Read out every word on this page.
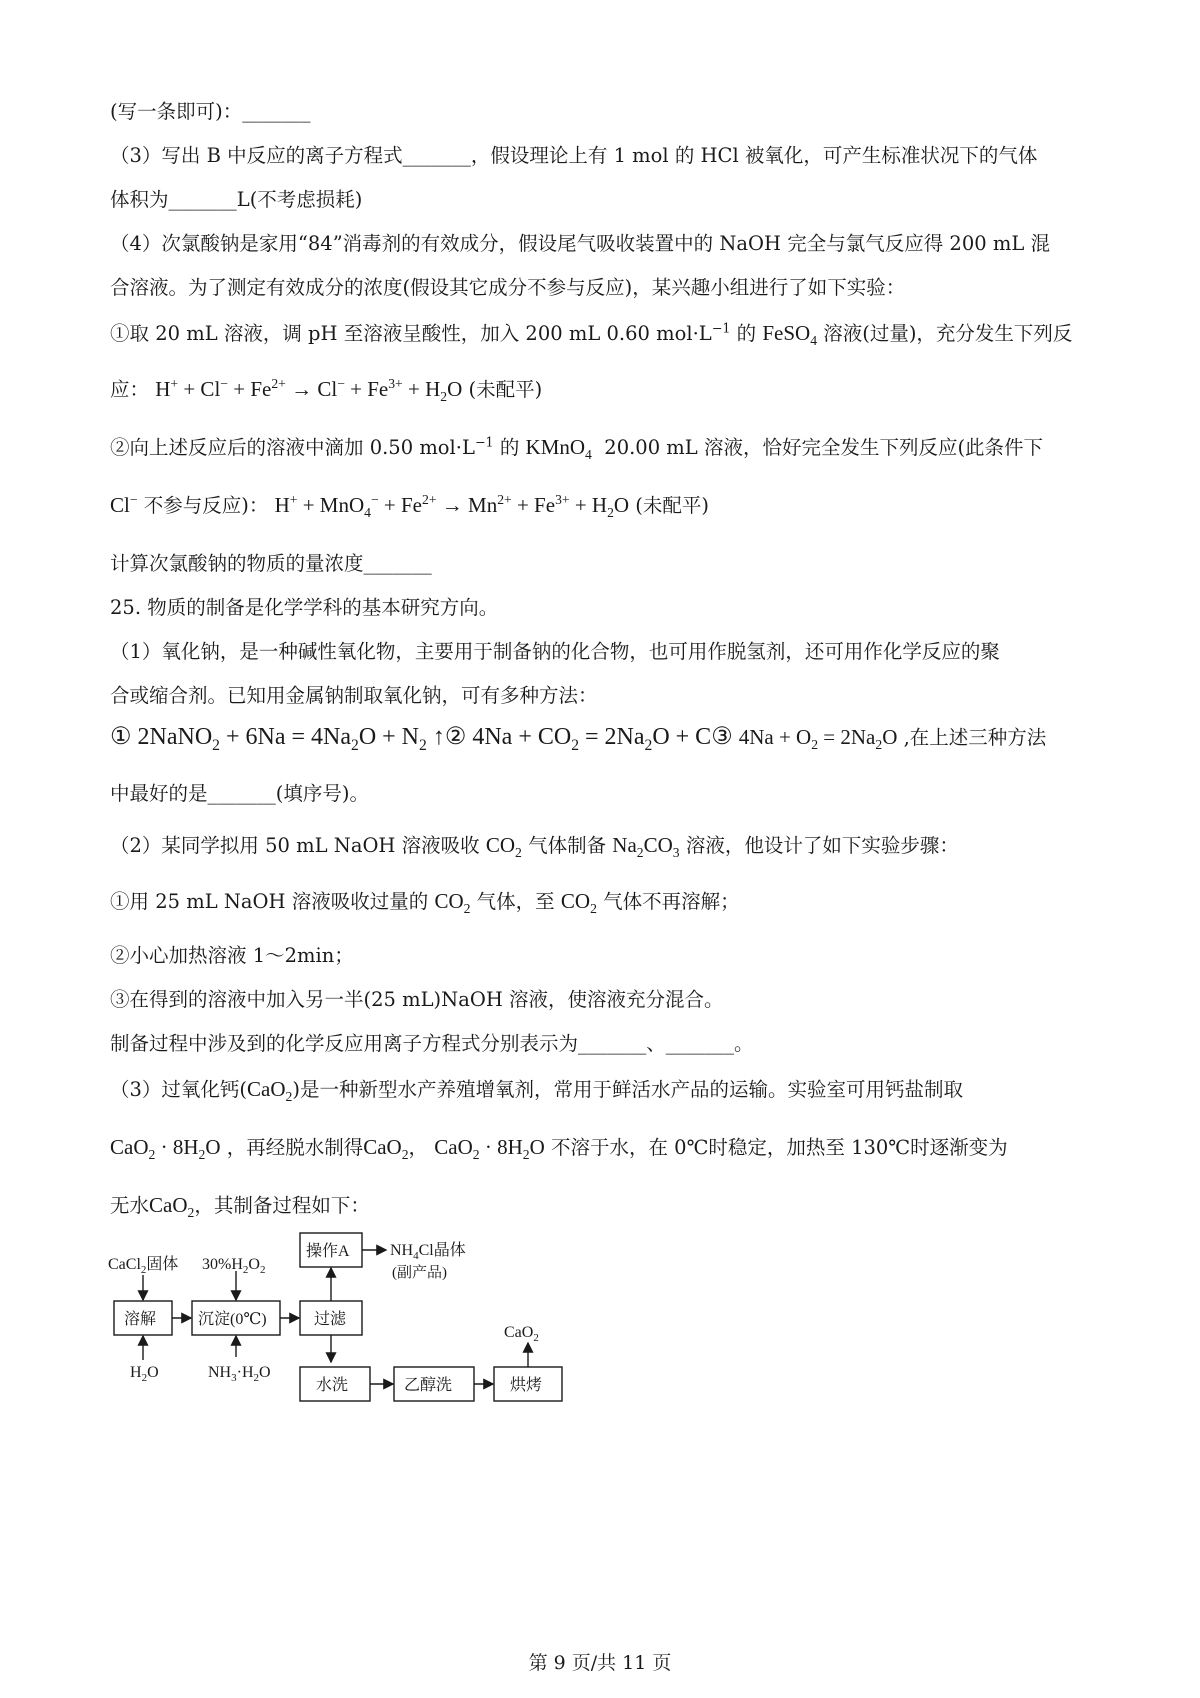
(写一条即可)：_______
（3）写出 B 中反应的离子方程式_______，假设理论上有 1 mol 的 HCl 被氧化，可产生标准状况下的气体
体积为_______L(不考虑损耗)
（4）次氯酸钠是家用“84”消毒剂的有效成分，假设尾气吸收装置中的 NaOH 完全与氯气反应得 200 mL 混
合溶液。为了测定有效成分的浓度(假设其它成分不参与反应)，某兴趣小组进行了如下实验：
①取 20 mL 溶液，调 pH 至溶液呈酸性，加入 200 mL 0.60 $mol\cdot L^{-1}$ 的 FeSO$_4$ 溶液(过量)，充分发生下列反
应： $H^+ + Cl^- + Fe^{2+} \to Cl^- + Fe^{3+} + H_2O$ (未配平)
②向上述反应后的溶液中滴加 0.50 $mol\cdot L^{-1}$ 的 KMnO$_4$ 20.00 mL 溶液，恰好完全发生下列反应(此条件下
Cl− 不参与反应)： $H^+ + MnO_4^- + Fe^{2+} \to Mn^{2+} + Fe^{3+} + H_2O$ (未配平)
计算次氯酸钠的物质的量浓度_______
25. 物质的制备是化学学科的基本研究方向。
（1）氧化钠，是一种碱性氧化物，主要用于制备钠的化合物，也可用作脱氢剂，还可用作化学反应的聚
合或缩合剂。已知用金属钠制取氧化钠，可有多种方法：
① 2NaNO$_2$ + $6Na = 4Na_2O + N_2$ ↑② $4Na + CO_2 = 2Na_2O$ + C③ $4Na + O_2 = 2Na_2O$ ,在上述三种方法
中最好的是_______(填序号)。
（2）某同学拟用 50 mL NaOH 溶液吸收 $CO_2$ 气体制备 $Na_2CO_3$ 溶液，他设计了如下实验步骤：
①用 25 mL NaOH 溶液吸收过量的 $CO_2$ 气体，至 $CO_2$ 气体不再溶解；
②小心加热溶液 1～2min；
③在得到的溶液中加入另一半(25 mL)NaOH 溶液，使溶液充分混合。
制备过程中涉及到的化学反应用离子方程式分别表示为_______、_______。
（3）过氧化钙(CaO$_2$)是一种新型水产养殖增氧剂，常用于鲜活水产品的运输。实验室可用钙盐制取
$CaO_2 \cdot 8H_2O$ ，再经脱水制得CaO$_2$， $CaO_2 \cdot 8H_2O$ 不溶于水，在 0℃时稳定，加热至 130℃时逐渐变为
无水CaO$_2$，其制备过程如下：
CaCl$_2$固体 $30\%H_2O_2$
$H_2O$	$NH_3\cdot H_2O$
溶解	沉淀(0℃)	过滤
操作A	$NH_4Cl$晶体
(副产品)
水洗	乙醇洗	烘烤
CaO$_2$
第 9 页/共 11 页
